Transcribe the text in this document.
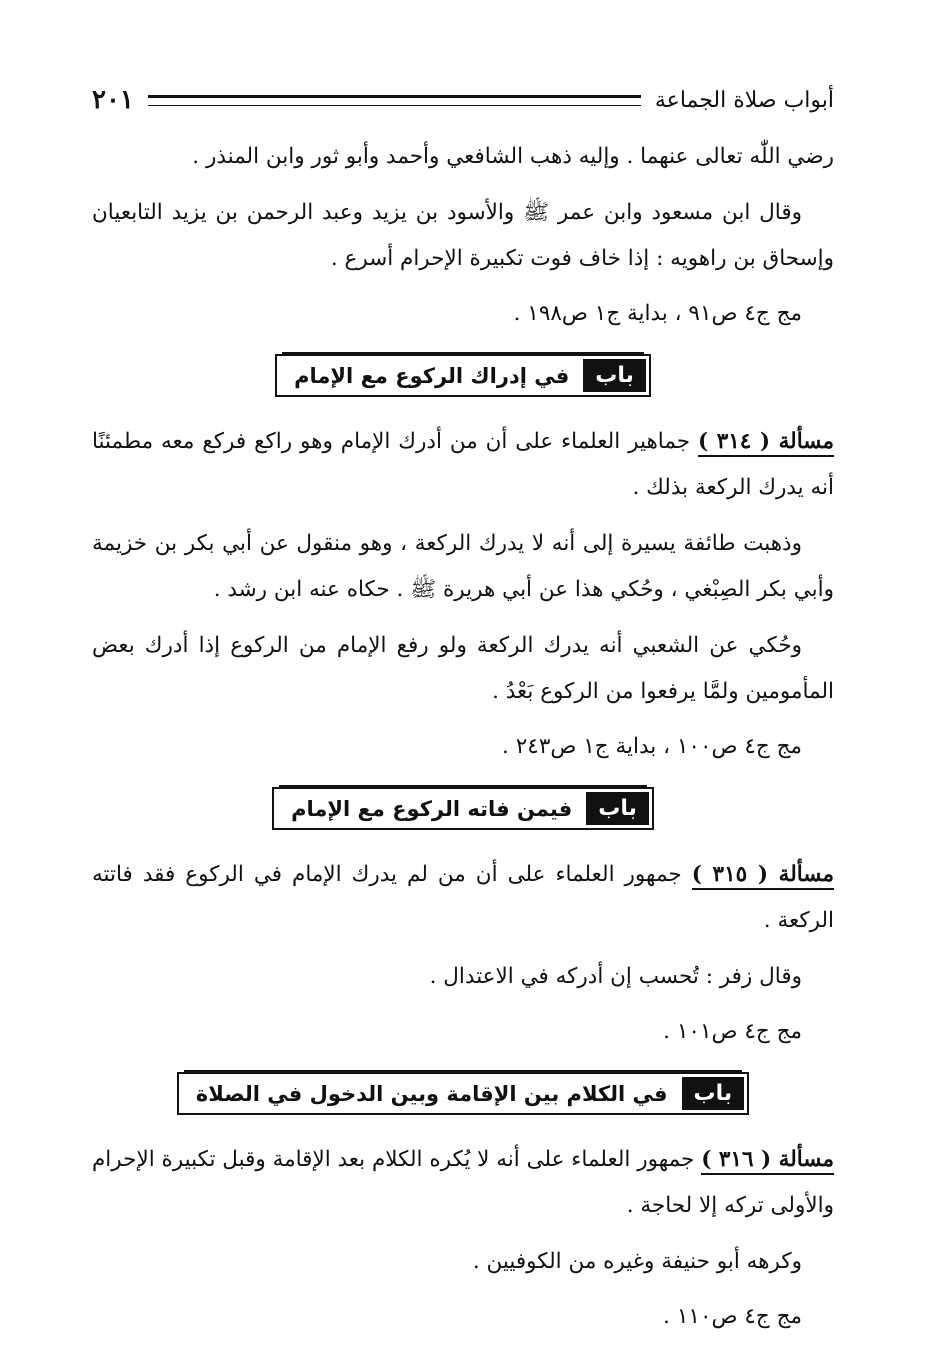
أبواب صلاة الجماعة
٢٠١

رضي اللّٰه تعالى عنهما . وإليه ذهب الشافعي وأحمد وأبو ثور وابن المنذر .

وقال ابن مسعود وابن عمر ﷺ والأسود بن يزيد وعبد الرحمن بن يزيد التابعيان وإسحاق بن راهويه : إذا خاف فوت تكبيرة الإحرام أسرع .

مج ج٤ ص٩١ ، بداية ج١ ص١٩٨ .

باب
في إدراك الركوع مع الإمام

مسألة ( ٣١٤ ) جماهير العلماء على أن من أدرك الإمام وهو راكع فركع معه مطمئنًا أنه يدرك الركعة بذلك .

وذهبت طائفة يسيرة إلى أنه لا يدرك الركعة ، وهو منقول عن أبي بكر بن خزيمة وأبي بكر الصِبْغي ، وحُكي هذا عن أبي هريرة ﷺ . حكاه عنه ابن رشد .

وحُكي عن الشعبي أنه يدرك الركعة ولو رفع الإمام من الركوع إذا أدرك بعض المأمومين ولمَّا يرفعوا من الركوع بَعْدُ .

مج ج٤ ص١٠٠ ، بداية ج١ ص٢٤٣ .

باب
فيمن فاته الركوع مع الإمام

مسألة ( ٣١٥ ) جمهور العلماء على أن من لم يدرك الإمام في الركوع فقد فاتته الركعة .

وقال زفر : تُحسب إن أدركه في الاعتدال .

مج ج٤ ص١٠١ .

باب
في الكلام بين الإقامة وبين الدخول في الصلاة

مسألة ( ٣١٦ ) جمهور العلماء على أنه لا يُكره الكلام بعد الإقامة وقبل تكبيرة الإحرام والأولى تركه إلا لحاجة .

وكرهه أبو حنيفة وغيره من الكوفيين .

مج ج٤ ص١١٠ .
